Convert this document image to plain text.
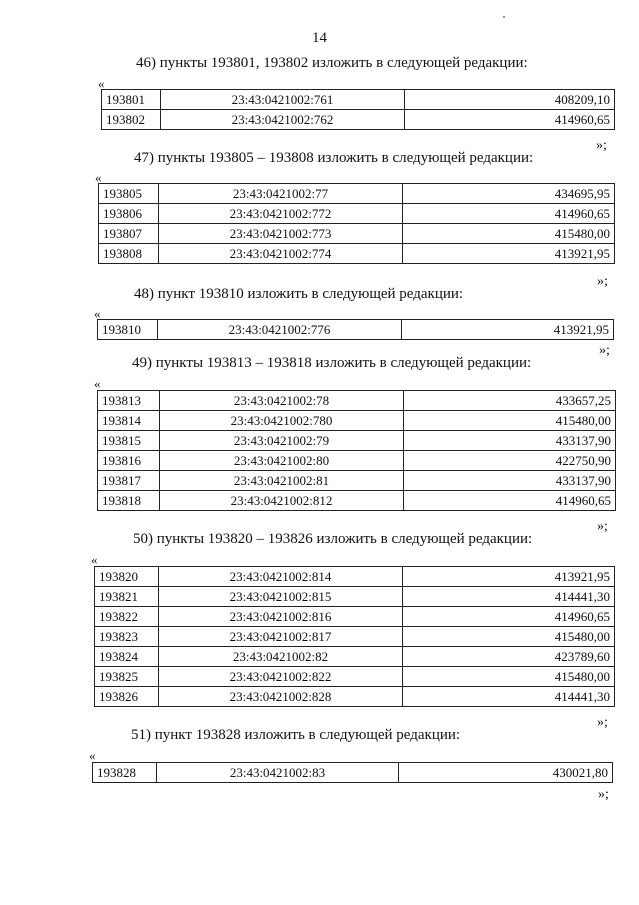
14
46) пункты 193801, 193802 изложить в следующей редакции:
«
193801	23:43:0421002:761	408209,10
193802	23:43:0421002:762	414960,65
»;
47) пункты 193805 – 193808 изложить в следующей редакции:
«
193805	23:43:0421002:77	434695,95
193806	23:43:0421002:772	414960,65
193807	23:43:0421002:773	415480,00
193808	23:43:0421002:774	413921,95
»;
48) пункт 193810 изложить в следующей редакции:
«
193810	23:43:0421002:776	413921,95
»;
49) пункты 193813 – 193818 изложить в следующей редакции:
«
193813	23:43:0421002:78	433657,25
193814	23:43:0421002:780	415480,00
193815	23:43:0421002:79	433137,90
193816	23:43:0421002:80	422750,90
193817	23:43:0421002:81	433137,90
193818	23:43:0421002:812	414960,65
»;
50) пункты 193820 – 193826 изложить в следующей редакции:
«
193820	23:43:0421002:814	413921,95
193821	23:43:0421002:815	414441,30
193822	23:43:0421002:816	414960,65
193823	23:43:0421002:817	415480,00
193824	23:43:0421002:82	423789,60
193825	23:43:0421002:822	415480,00
193826	23:43:0421002:828	414441,30
»;
51) пункт 193828 изложить в следующей редакции:
«
193828	23:43:0421002:83	430021,80
»;
